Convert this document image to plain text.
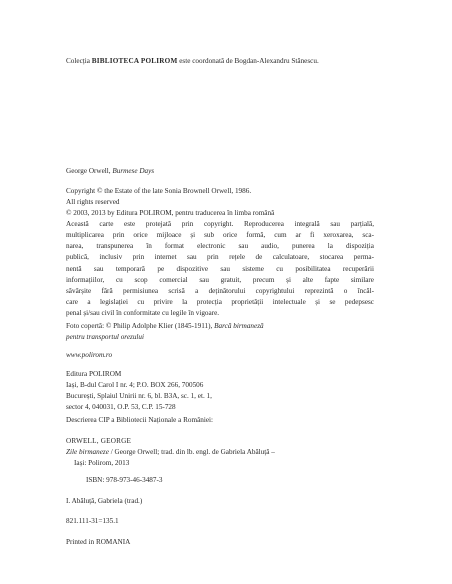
Colecția BIBLIOTECA POLIROM este coordonată de Bogdan-Alexandru Stănescu.
George Orwell, Burmese Days
Copyright © the Estate of the late Sonia Brownell Orwell, 1986.
All rights reserved
© 2003, 2013 by Editura POLIROM, pentru traducerea în limba română
Această carte este protejată prin copyright. Reproducerea integrală sau parțială,
multiplicarea prin orice mijloace și sub orice formă, cum ar fi xeroxarea, sca-
narea, transpunerea în format electronic sau audio, punerea la dispoziția
publică, inclusiv prin internet sau prin rețele de calculatoare, stocarea perma-
nentă sau temporară pe dispozitive sau sisteme cu posibilitatea recuperării
informațiilor, cu scop comercial sau gratuit, precum și alte fapte similare
săvârșite fără permisiunea scrisă a deținătorului copyrightului reprezintă o încăl-
care a legislației cu privire la protecția proprietății intelectuale și se pedepsesc
penal și/sau civil în conformitate cu legile în vigoare.
Foto copertă: © Philip Adolphe Klier (1845-1911), Barcă birmaneză
pentru transportul orezului
www.polirom.ro
Editura POLIROM
Iași, B-dul Carol I nr. 4; P.O. BOX 266, 700506
București, Splaiul Unirii nr. 6, bl. B3A, sc. 1, et. 1,
sector 4, 040031, O.P. 53, C.P. 15-728
Descrierea CIP a Bibliotecii Naționale a României:
ORWELL, GEORGE
Zile birmaneze / George Orwell; trad. din lb. engl. de Gabriela Abăluță –
Iași: Polirom, 2013
ISBN: 978-973-46-3487-3
I. Abăluță, Gabriela (trad.)
821.111-31=135.1
Printed in ROMANIA
